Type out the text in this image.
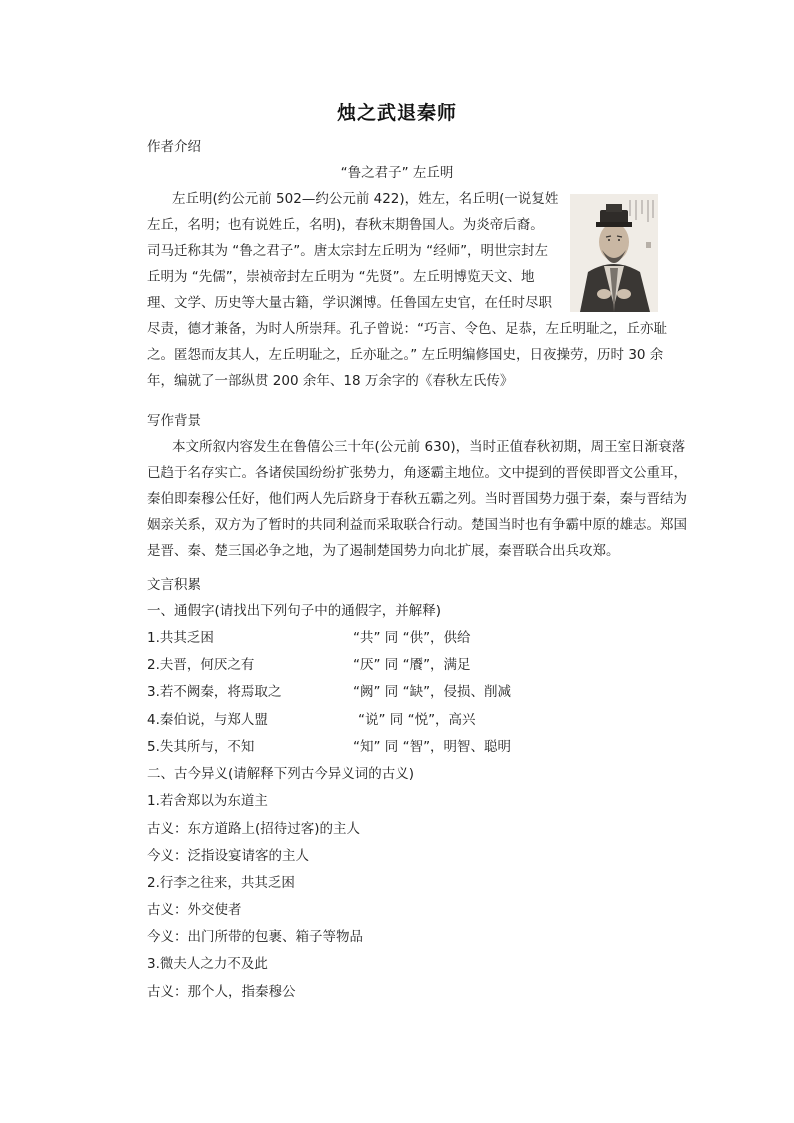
烛之武退秦师
作者介绍
“鲁之君子” 左丘明
左丘明(约公元前 502—约公元前 422)，姓左，名丘明(一说复姓
左丘，名明；也有说姓丘，名明)，春秋末期鲁国人。为炎帝后裔。
司马迁称其为 “鲁之君子”。唐太宗封左丘明为 “经师”，明世宗封左
丘明为 “先儒”，崇祯帝封左丘明为 “先贤”。左丘明博览天文、地
理、文学、历史等大量古籍，学识渊博。任鲁国左史官，在任时尽职
尽责，德才兼备，为时人所崇拜。孔子曾说：“巧言、令色、足恭，左丘明耻之，丘亦耻
之。匿怨而友其人，左丘明耻之，丘亦耻之。” 左丘明编修国史，日夜操劳，历时 30 余
年，编就了一部纵贯 200 余年、18 万余字的《春秋左氏传》
写作背景
本文所叙内容发生在鲁僖公三十年(公元前 630)，当时正值春秋初期，周王室日渐衰落
已趋于名存实亡。各诸侯国纷纷扩张势力，角逐霸主地位。文中提到的晋侯即晋文公重耳，
秦伯即秦穆公任好，他们两人先后跻身于春秋五霸之列。当时晋国势力强于秦，秦与晋结为
姻亲关系，双方为了暂时的共同利益而采取联合行动。楚国当时也有争霸中原的雄志。郑国
是晋、秦、楚三国必争之地，为了遏制楚国势力向北扩展，秦晋联合出兵攻郑。
文言积累
一、通假字(请找出下列句子中的通假字，并解释)
1.共其乏困	“共” 同 “供”，供给
2.夫晋，何厌之有	“厌” 同 “餍”，满足
3.若不阙秦，将焉取之	“阙” 同 “缺”，侵损、削减
4.秦伯说，与郑人盟	“说” 同 “悦”，高兴
5.失其所与，不知	“知” 同 “智”，明智、聪明
二、古今异义(请解释下列古今异义词的古义)
1.若舍郑以为东道主
古义：东方道路上(招待过客)的主人
今义：泛指设宴请客的主人
2.行李之往来，共其乏困
古义：外交使者
今义：出门所带的包裹、箱子等物品
3.微夫人之力不及此
古义：那个人，指秦穆公
